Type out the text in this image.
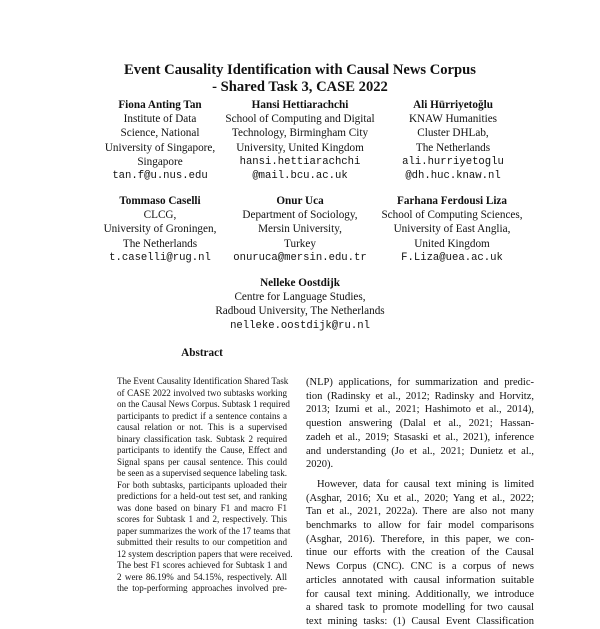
Event Causality Identification with Causal News Corpus
- Shared Task 3, CASE 2022
Fiona Anting Tan
Institute of Data
Science, National
University of Singapore,
Singapore
tan.f@u.nus.edu
Hansi Hettiarachchi
School of Computing and Digital
Technology, Birmingham City
University, United Kingdom
hansi.hettiarachchi
@mail.bcu.ac.uk
Ali Hürriyetoğlu
KNAW Humanities
Cluster DHLab,
The Netherlands
ali.hurriyetoglu
@dh.huc.knaw.nl
Tommaso Caselli
CLCG,
University of Groningen,
The Netherlands
t.caselli@rug.nl
Onur Uca
Department of Sociology,
Mersin University,
Turkey
onuruca@mersin.edu.tr
Farhana Ferdousi Liza
School of Computing Sciences,
University of East Anglia,
United Kingdom
F.Liza@uea.ac.uk
Nelleke Oostdijk
Centre for Language Studies,
Radboud University, The Netherlands
nelleke.oostdijk@ru.nl
Abstract
The Event Causality Identification Shared Task
of CASE 2022 involved two subtasks working
on the Causal News Corpus. Subtask 1 required
participants to predict if a sentence contains a
causal relation or not. This is a supervised
binary classification task. Subtask 2 required
participants to identify the Cause, Effect and
Signal spans per causal sentence. This could
be seen as a supervised sequence labeling task.
For both subtasks, participants uploaded their
predictions for a held-out test set, and ranking
was done based on binary F1 and macro F1
scores for Subtask 1 and 2, respectively. This
paper summarizes the work of the 17 teams that
submitted their results to our competition and
12 system description papers that were received.
The best F1 scores achieved for Subtask 1 and
2 were 86.19% and 54.15%, respectively. All
the top-performing approaches involved pre-
(NLP) applications, for summarization and predic-
tion (Radinsky et al., 2012; Radinsky and Horvitz,
2013; Izumi et al., 2021; Hashimoto et al., 2014),
question answering (Dalal et al., 2021; Hassan-
zadeh et al., 2019; Stasaski et al., 2021), inference
and understanding (Jo et al., 2021; Dunietz et al.,
2020).
However, data for causal text mining is limited
(Asghar, 2016; Xu et al., 2020; Yang et al., 2022;
Tan et al., 2021, 2022a). There are also not many
benchmarks to allow for fair model comparisons
(Asghar, 2016). Therefore, in this paper, we con-
tinue our efforts with the creation of the Causal
News Corpus (CNC). CNC is a corpus of news
articles annotated with causal information suitable
for causal text mining. Additionally, we introduce
a shared task to promote modelling for two causal
text mining tasks: (1) Causal Event Classification
